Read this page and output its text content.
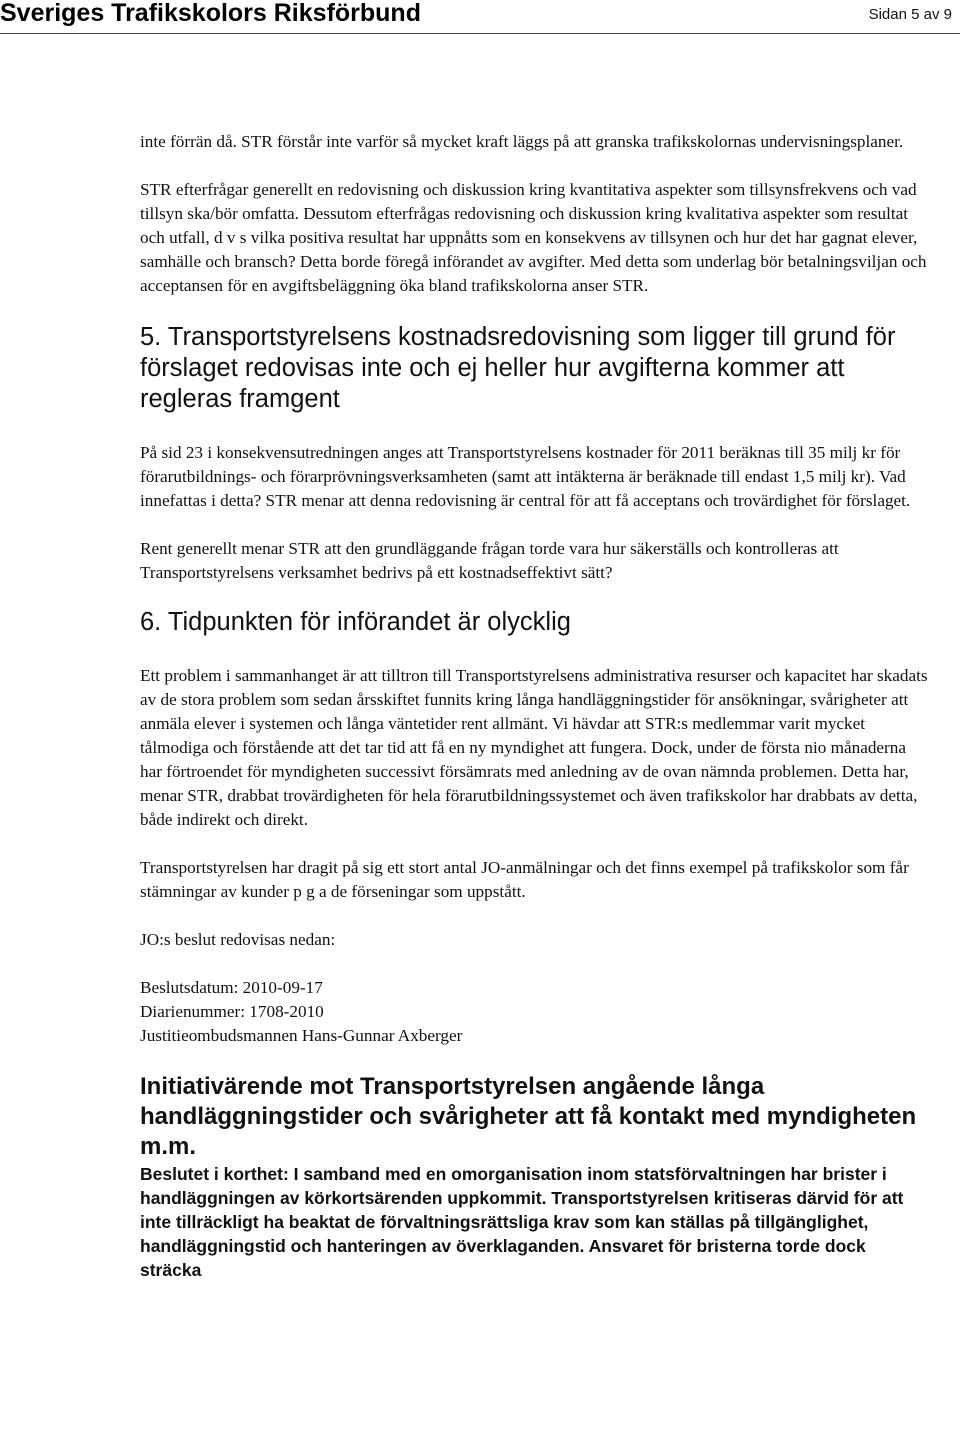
Sveriges Trafikskolors Riksförbund	Sidan 5 av 9

inte förrän då. STR förstår inte varför så mycket kraft läggs på att granska trafikskolornas undervisningsplaner.

STR efterfrågar generellt en redovisning och diskussion kring kvantitativa aspekter som tillsynsfrekvens och vad tillsyn ska/bör omfatta. Dessutom efterfrågas redovisning och diskussion kring kvalitativa aspekter som resultat och utfall, d v s vilka positiva resultat har uppnåtts som en konsekvens av tillsynen och hur det har gagnat elever, samhälle och bransch? Detta borde föregå införandet av avgifter. Med detta som underlag bör betalningsviljan och acceptansen för en avgiftsbeläggning öka bland trafikskolorna anser STR.

5. Transportstyrelsens kostnadsredovisning som ligger till grund för förslaget redovisas inte och ej heller hur avgifterna kommer att regleras framgent

På sid 23 i konsekvensutredningen anges att Transportstyrelsens kostnader för 2011 beräknas till 35 milj kr för förarutbildnings- och förarprövningsverksamheten (samt att intäkterna är beräknade till endast 1,5 milj kr). Vad innefattas i detta? STR menar att denna redovisning är central för att få acceptans och trovärdighet för förslaget.

Rent generellt menar STR att den grundläggande frågan torde vara hur säkerställs och kontrolleras att Transportstyrelsens verksamhet bedrivs på ett kostnadseffektivt sätt?

6. Tidpunkten för införandet är olycklig

Ett problem i sammanhanget är att tilltron till Transportstyrelsens administrativa resurser och kapacitet har skadats av de stora problem som sedan årsskiftet funnits kring långa handläggningstider för ansökningar, svårigheter att anmäla elever i systemen och långa väntetider rent allmänt. Vi hävdar att STR:s medlemmar varit mycket tålmodiga och förstående att det tar tid att få en ny myndighet att fungera. Dock, under de första nio månaderna har förtroendet för myndigheten successivt försämrats med anledning av de ovan nämnda problemen. Detta har, menar STR, drabbat trovärdigheten för hela förarutbildningssystemet och även trafikskolor har drabbats av detta, både indirekt och direkt.

Transportstyrelsen har dragit på sig ett stort antal JO-anmälningar och det finns exempel på trafikskolor som får stämningar av kunder p g a de förseningar som uppstått.

JO:s beslut redovisas nedan:

Beslutsdatum: 2010-09-17

Diarienummer: 1708-2010

Justitieombudsmannen Hans-Gunnar Axberger

Initiativärende mot Transportstyrelsen angående långa handläggningstider och svårigheter att få kontakt med myndigheten m.m.

Beslutet i korthet: I samband med en omorganisation inom statsförvaltningen har brister i handläggningen av körkortsärenden uppkommit. Transportstyrelsen kritiseras därvid för att inte tillräckligt ha beaktat de förvaltningsrättsliga krav som kan ställas på tillgänglighet, handläggningstid och hanteringen av överklaganden. Ansvaret för bristerna torde dock sträcka
